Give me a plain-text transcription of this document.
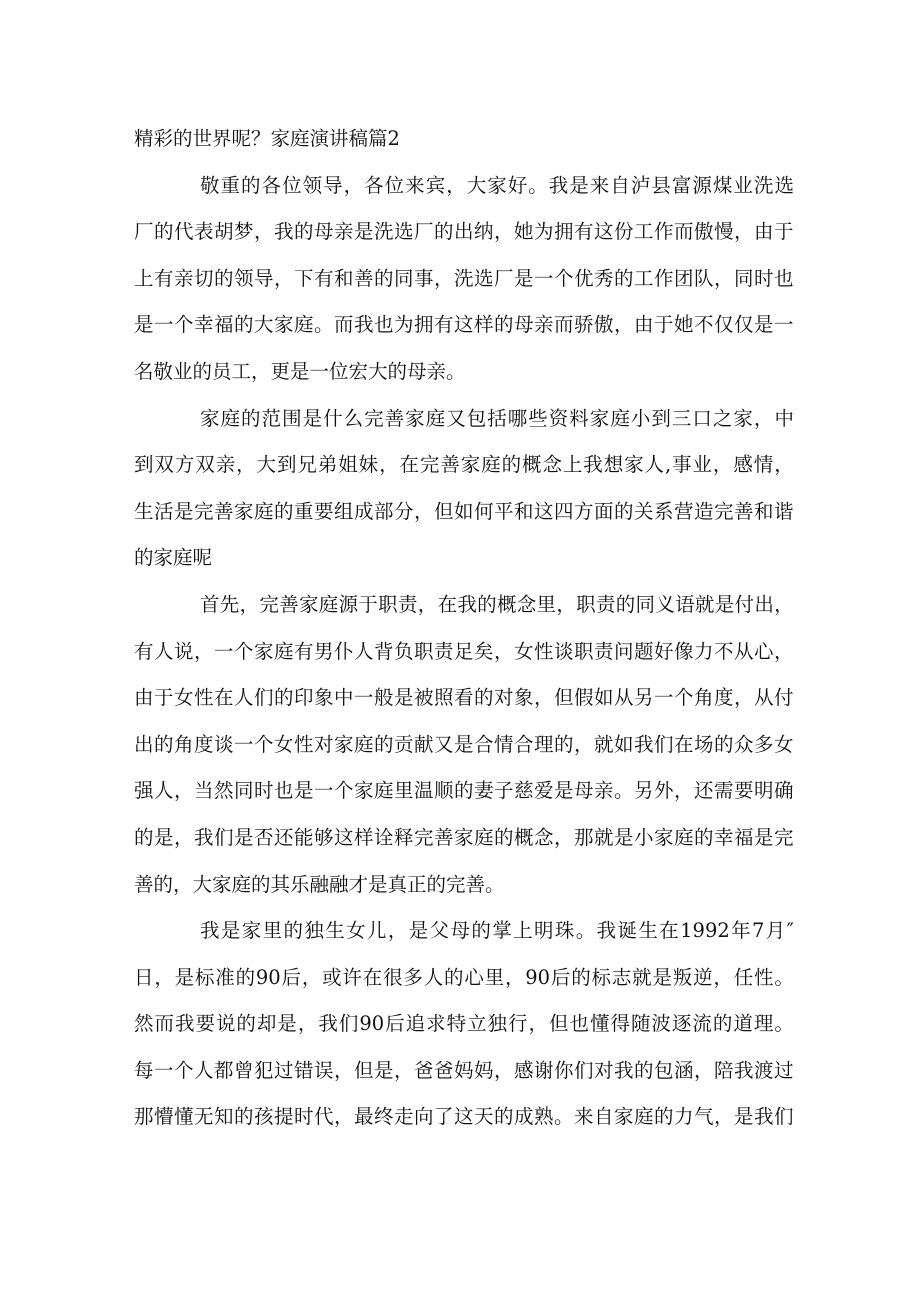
精彩的世界呢？家庭演讲稿篇2
敬 重 的 各 位 领 导 ， 各 位 来 宾 ， 大 家 好 。 我 是 来 自 泸 县 富 源 煤 业 洗 选
厂 的 代 表 胡 梦 ， 我 的 母 亲 是 洗 选 厂 的 出 纳 ， 她 为 拥 有 这 份 工 作 而 傲 慢 ， 由 于
上 有 亲 切 的 领 导 ， 下 有 和 善 的 同 事 ， 洗 选 厂 是 一 个 优 秀 的 工 作 团 队 ， 同 时 也
是 一 个 幸 福 的 大 家 庭 。 而 我 也 为 拥 有 这 样 的 母 亲 而 骄 傲 ， 由 于 她 不 仅 仅 是 一
名敬业的员工，更是一位宏大的母亲。
家 庭 的 范 围 是 什 么 完 善 家 庭 又 包 括 哪 些 资 料 家 庭 小 到 三 口 之 家 ， 中
到 双 方 双 亲 ， 大 到 兄 弟 姐 妹 ， 在 完 善 家 庭 的 概 念 上 我 想 家 人 , 事 业 ， 感 情 ，
生 活 是 完 善 家 庭 的 重 要 组 成 部 分 ， 但 如 何 平 和 这 四 方 面 的 关 系 营 造 完 善 和 谐
的家庭呢
首 先 ， 完 善 家 庭 源 于 职 责 ， 在 我 的 概 念 里 ， 职 责 的 同 义 语 就 是 付 出 ，
有 人 说 ， 一 个 家 庭 有 男 仆 人 背 负 职 责 足 矣 ， 女 性 谈 职 责 问 题 好 像 力 不 从 心 ，
由 于 女 性 在 人 们 的 印 象 中 一 般 是 被 照 看 的 对 象 ， 但 假 如 从 另 一 个 角 度 ， 从 付
出 的 角 度 谈 一 个 女 性 对 家 庭 的 贡 献 又 是 合 情 合 理 的 ， 就 如 我 们 在 场 的 众 多 女
强 人 ， 当 然 同 时 也 是 一 个 家 庭 里 温 顺 的 妻 子 慈 爱 是 母 亲 。 另 外 ， 还 需 要 明 确
的 是 ， 我 们 是 否 还 能 够 这 样 诠 释 完 善 家 庭 的 概 念 ， 那 就 是 小 家 庭 的 幸 福 是 完
善的，大家庭的其乐融融才是真正的完善。
我 是 家 里 的 独 生 女 儿 ， 是 父 母 的 掌 上 明 珠 。 我 诞 生 在 1992 年 7 月 ″
日 ， 是 标 准 的 90 后 ， 或 许 在 很 多 人 的 心 里 ， 90 后 的 标 志 就 是 叛 逆 ， 任 性 。
然 而 我 要 说 的 却 是 ， 我 们 90 后 追 求 特 立 独 行 ， 但 也 懂 得 随 波 逐 流 的 道 理 。
每 一 个 人 都 曾 犯 过 错 误 ， 但 是 ， 爸 爸 妈 妈 ， 感 谢 你 们 对 我 的 包 涵 ， 陪 我 渡 过
那 懵 懂 无 知 的 孩 提 时 代 ， 最 终 走 向 了 这 天 的 成 熟 。 来 自 家 庭 的 力 气 ， 是 我 们
